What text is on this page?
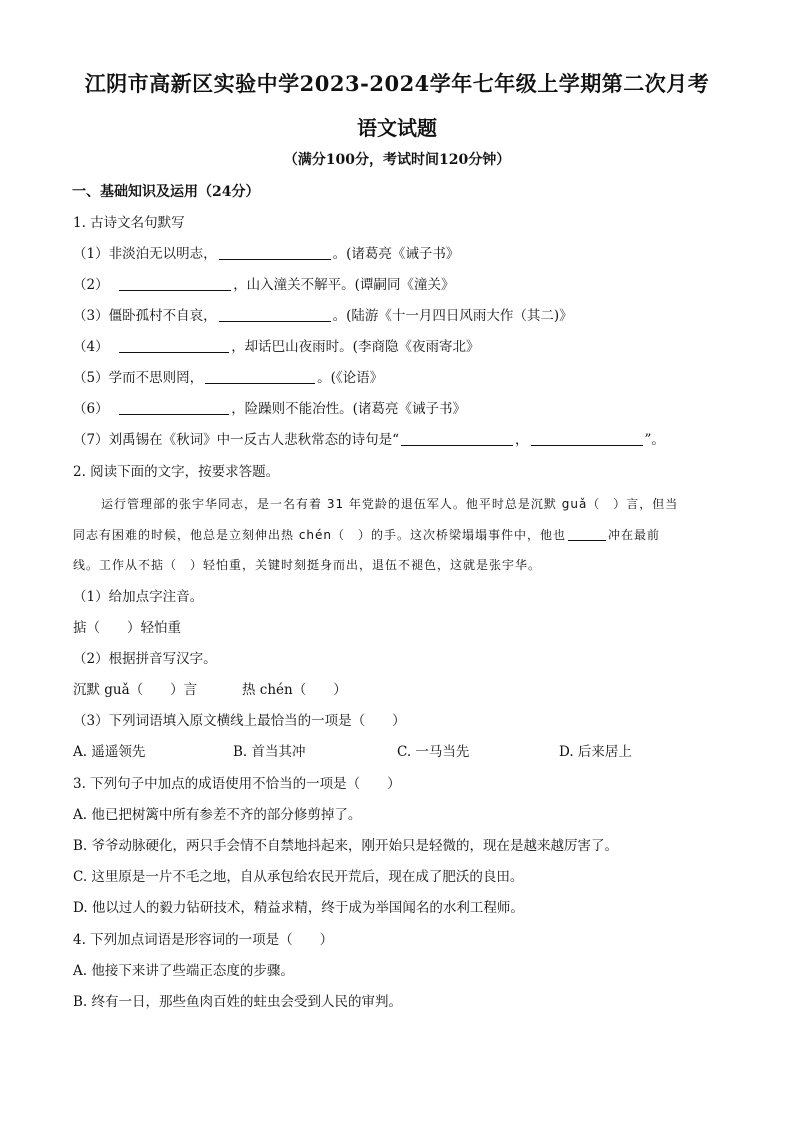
江阴市高新区实验中学2023-2024学年七年级上学期第二次月考
语文试题
（满分100分，考试时间120分钟）
一、基础知识及运用（24分）
1. 古诗文名句默写
（1）非淡泊无以明志，	。(诸葛亮《诫子书》
（2）	，山入潼关不解平。(谭嗣同《潼关》
（3）僵卧孤村不自哀，	。(陆游《十一月四日风雨大作（其二)》
（4）	，却话巴山夜雨时。(李商隐《夜雨寄北》
（5）学而不思则罔，	。(《论语》
（6）	，险躁则不能冶性。(诸葛亮《诫子书》
（7）刘禹锡在《秋词》中一反古人悲秋常态的诗句是“	，	”。
2. 阅读下面的文字，按要求答题。
运行管理部的张宇华同志，是一名有着 31 年党龄的退伍军人。他平时总是沉默 guǎ（　）言，但当
同志有困难的时候，他总是立刻伸出热 chén（　）的手。这次桥梁塌塌事件中，他也	冲在最前
线。工作从不掂（　）轻怕重，关键时刻挺身而出，退伍不褪色，这就是张宇华。
（1）给加点字注音。
掂（　　）轻怕重
（2）根据拼音写汉字。
沉默 guǎ（　　）言	热 chén（　　）
（3）下列词语填入原文横线上最恰当的一项是（　　）
A. 遥遥领先	B. 首当其冲	C. 一马当先	D. 后来居上
3. 下列句子中加点的成语使用不恰当的一项是（　　）
A. 他已把树篱中所有参差不齐的部分修剪掉了。
B. 爷爷动脉硬化，两只手会情不自禁地抖起来，刚开始只是轻微的，现在是越来越厉害了。
C. 这里原是一片不毛之地，自从承包给农民开荒后，现在成了肥沃的良田。
D. 他以过人的毅力钻研技术，精益求精，终于成为举国闻名的水利工程师。
4. 下列加点词语是形容词的一项是（　　）
A. 他接下来讲了些端正态度的步骤。
B. 终有一日，那些鱼肉百姓的蛀虫会受到人民的审判。
